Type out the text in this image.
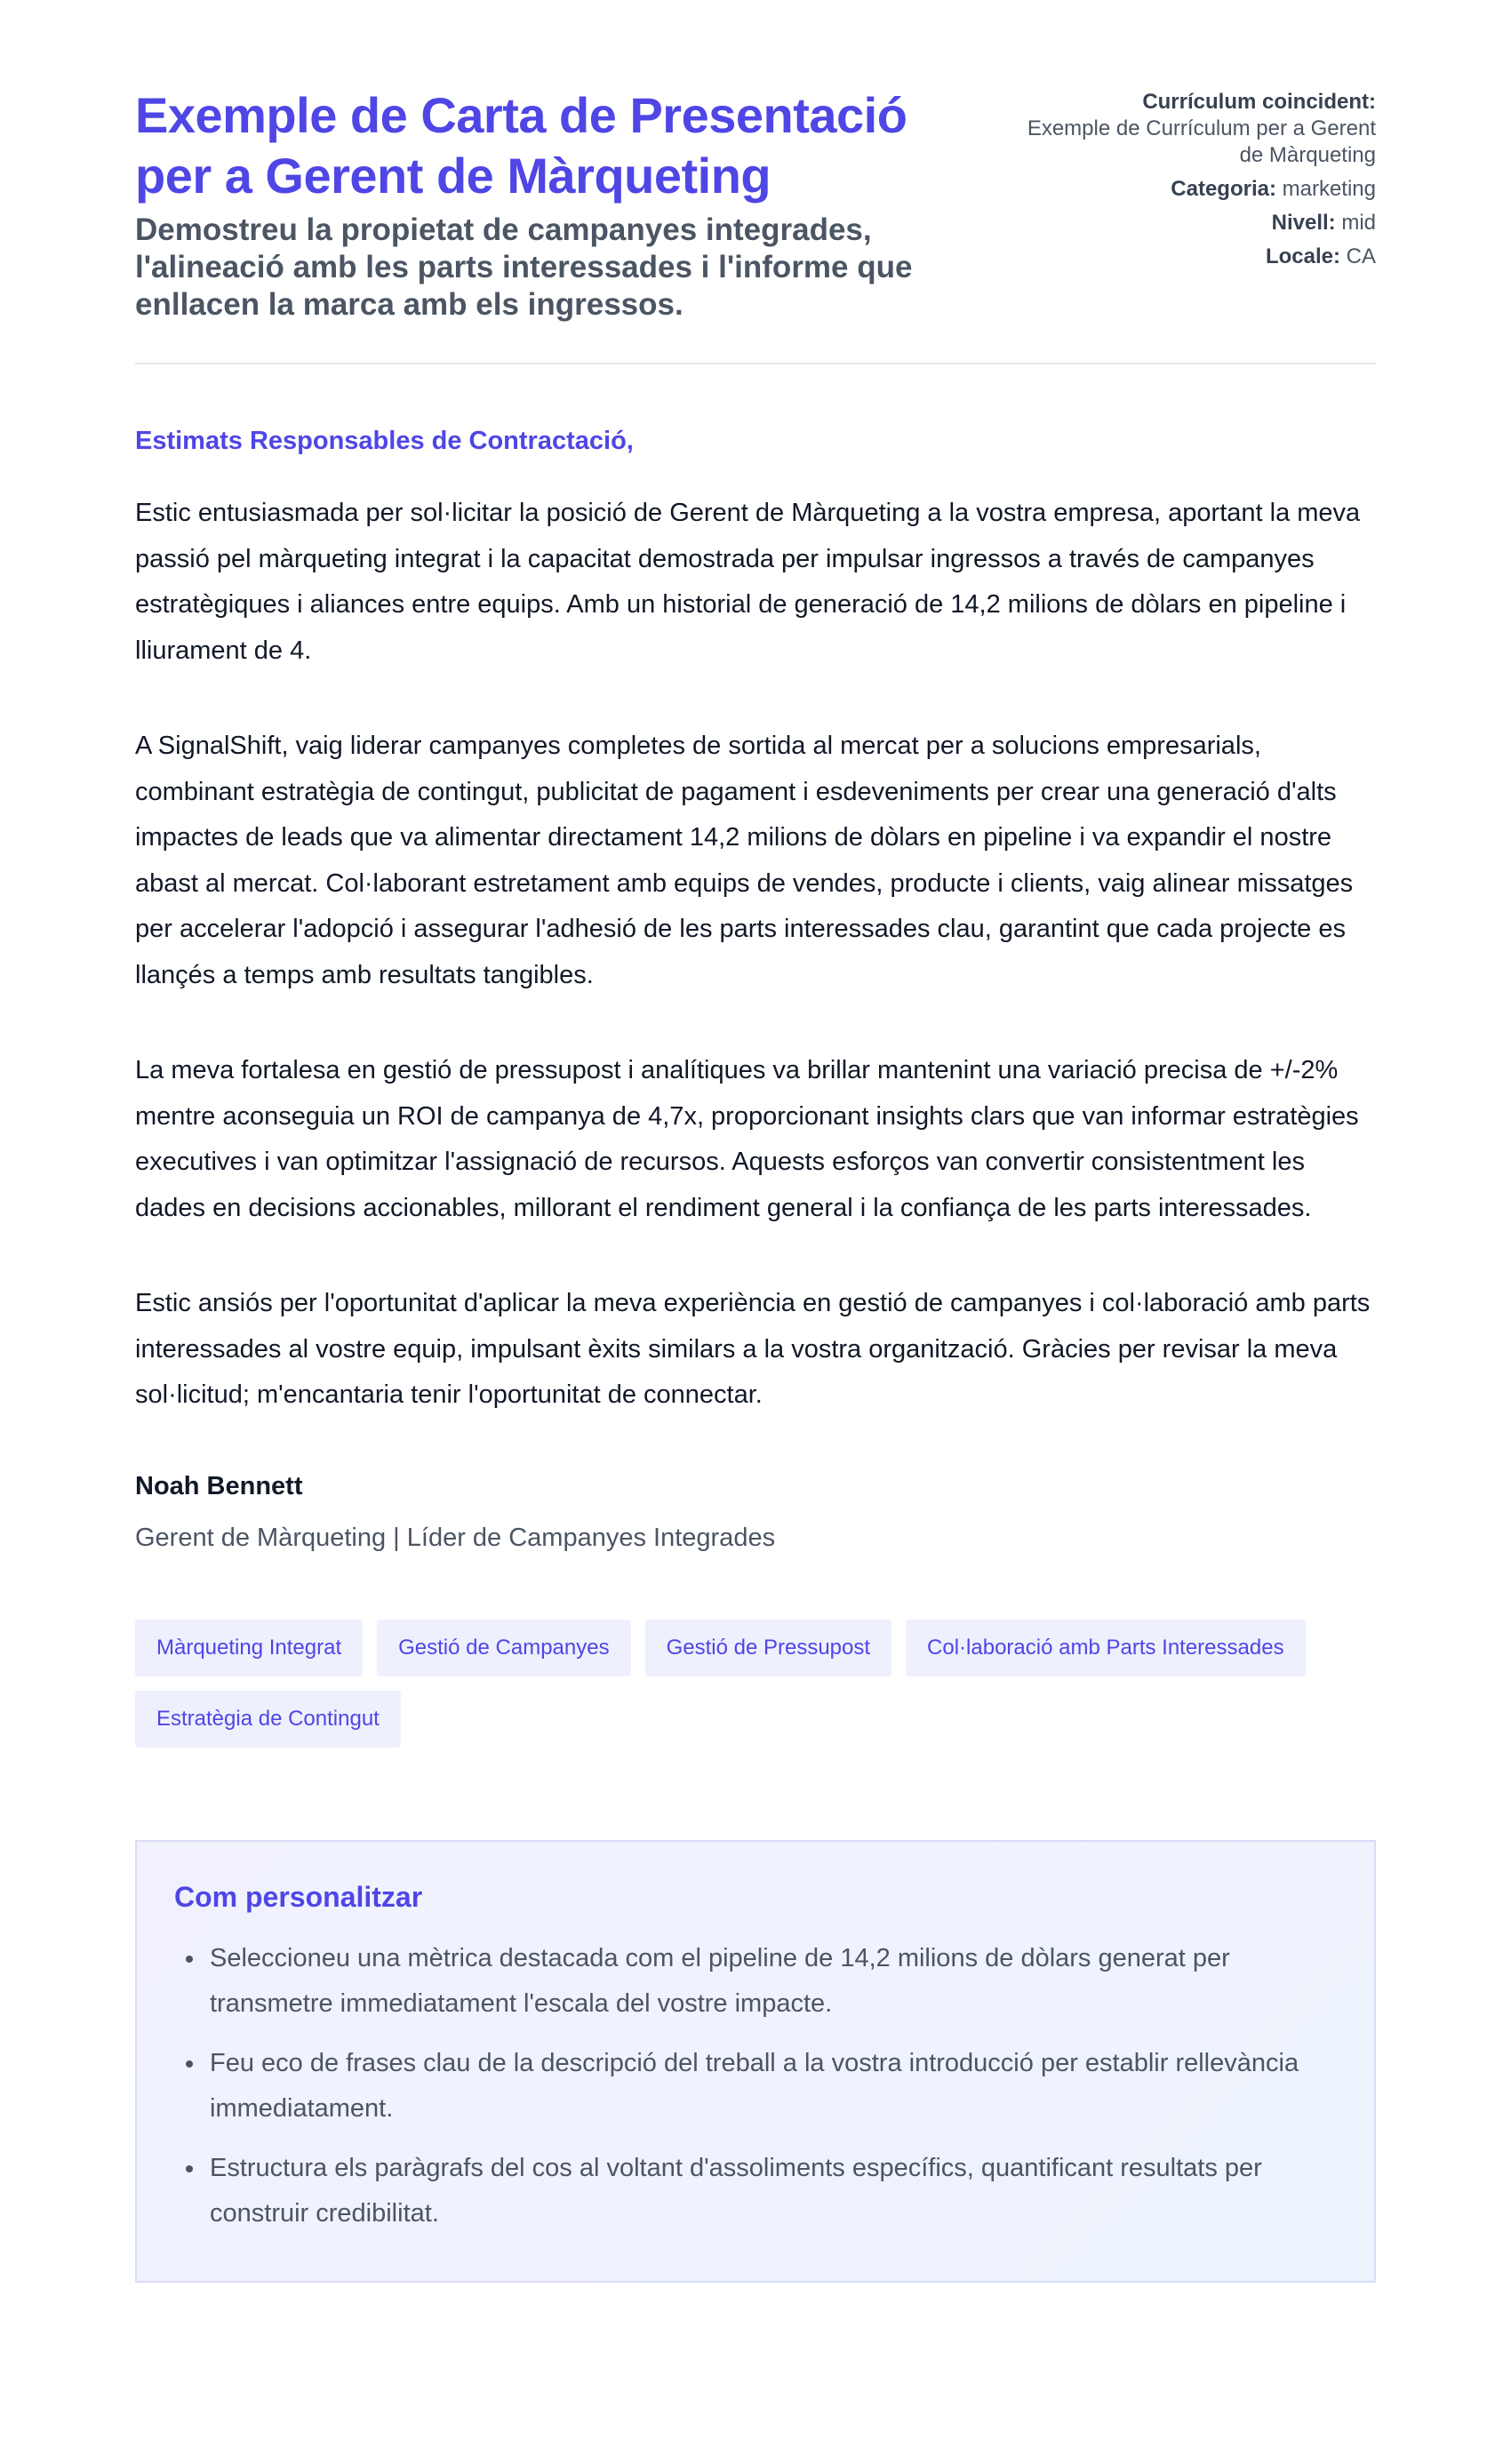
Exemple de Carta de Presentació per a Gerent de Màrqueting

Demostreu la propietat de campanyes integrades, l'alineació amb les parts interessades i l'informe que enllacen la marca amb els ingressos.

Currículum coincident:
Exemple de Currículum per a Gerent de Màrqueting
Categoria: marketing
Nivell: mid
Locale: CA

Estimats Responsables de Contractació,

Estic entusiasmada per sol·licitar la posició de Gerent de Màrqueting a la vostra empresa, aportant la meva passió pel màrqueting integrat i la capacitat demostrada per impulsar ingressos a través de campanyes estratègiques i aliances entre equips. Amb un historial de generació de 14,2 milions de dòlars en pipeline i lliurament de 4.

A SignalShift, vaig liderar campanyes completes de sortida al mercat per a solucions empresarials, combinant estratègia de contingut, publicitat de pagament i esdeveniments per crear una generació d'alts impactes de leads que va alimentar directament 14,2 milions de dòlars en pipeline i va expandir el nostre abast al mercat. Col·laborant estretament amb equips de vendes, producte i clients, vaig alinear missatges per accelerar l'adopció i assegurar l'adhesió de les parts interessades clau, garantint que cada projecte es llançés a temps amb resultats tangibles.

La meva fortalesa en gestió de pressupost i analítiques va brillar mantenint una variació precisa de +/-2% mentre aconseguia un ROI de campanya de 4,7x, proporcionant insights clars que van informar estratègies executives i van optimitzar l'assignació de recursos. Aquests esforços van convertir consistentment les dades en decisions accionables, millorant el rendiment general i la confiança de les parts interessades.

Estic ansiós per l'oportunitat d'aplicar la meva experiència en gestió de campanyes i col·laboració amb parts interessades al vostre equip, impulsant èxits similars a la vostra organització. Gràcies per revisar la meva sol·licitud; m'encantaria tenir l'oportunitat de connectar.

Noah Bennett
Gerent de Màrqueting | Líder de Campanyes Integrades
Màrqueting Integrat	Gestió de Campanyes	Gestió de Pressupost	Col·laboració amb Parts Interessades
Estratègia de Contingut
Com personalitzar
• Seleccioneu una mètrica destacada com el pipeline de 14,2 milions de dòlars generat per transmetre immediatament l'escala del vostre impacte.
• Feu eco de frases clau de la descripció del treball a la vostra introducció per establir rellevància immediatament.
• Estructura els paràgrafs del cos al voltant d'assoliments específics, quantificant resultats per construir credibilitat.
